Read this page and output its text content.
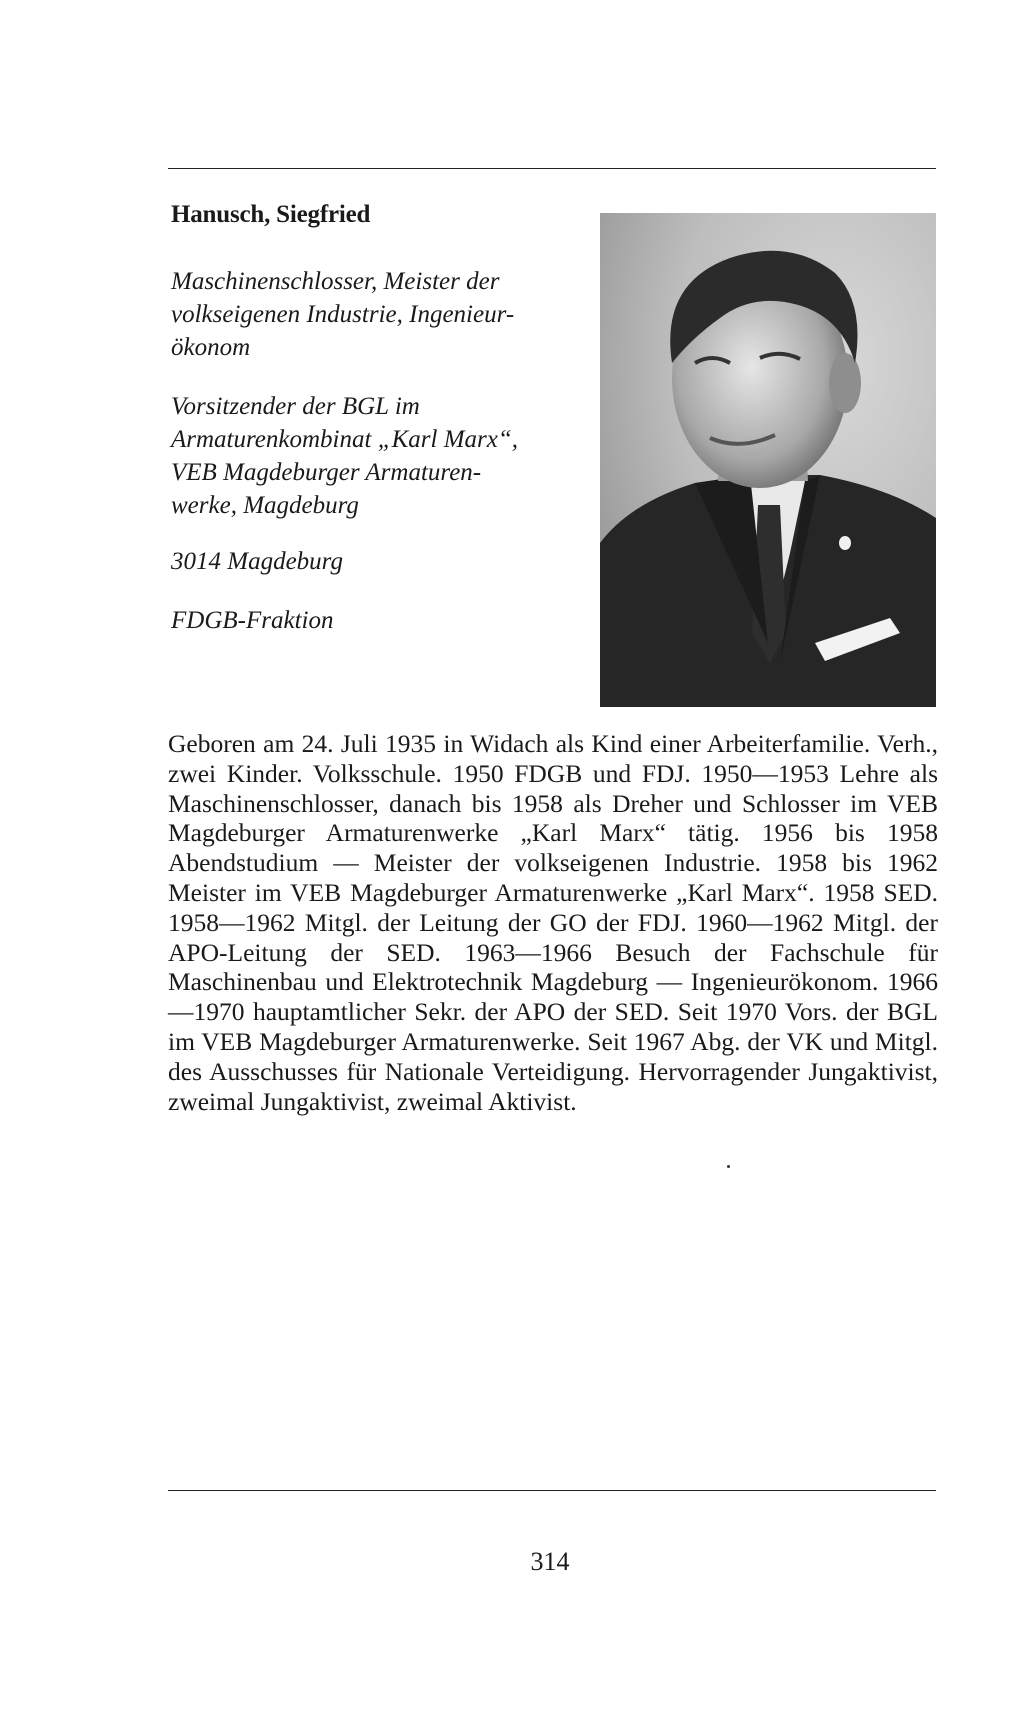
Hanusch, Siegfried
Maschinenschlosser, Meister der
volkseigenen Industrie, Ingenieur-
ökonom
Vorsitzender der BGL im
Armaturenkombinat „Karl Marx“,
VEB Magdeburger Armaturen-
werke, Magdeburg
3014 Magdeburg
FDGB-Fraktion
Geboren am 24. Juli 1935 in Widach als Kind einer Arbeiterfamilie. Verh., zwei Kinder. Volksschule. 1950 FDGB und FDJ. 1950—1953 Lehre als Maschinenschlosser, danach bis 1958 als Dreher und Schlosser im VEB Magdeburger Armaturenwerke „Karl Marx“ tätig. 1956 bis 1958 Abendstudium — Meister der volkseigenen Industrie. 1958 bis 1962 Meister im VEB Magdeburger Armaturenwerke „Karl Marx“. 1958 SED. 1958—1962 Mitgl. der Leitung der GO der FDJ. 1960—1962 Mitgl. der APO-Leitung der SED. 1963—1966 Besuch der Fachschule für Maschinenbau und Elektrotechnik Magdeburg — Ingenieurökonom. 1966—1970 hauptamtlicher Sekr. der APO der SED. Seit 1970 Vors. der BGL im VEB Magdeburger Armaturenwerke. Seit 1967 Abg. der VK und Mitgl. des Ausschusses für Nationale Verteidigung. Hervorragender Jungaktivist, zweimal Jungaktivist, zweimal Aktivist.
314
